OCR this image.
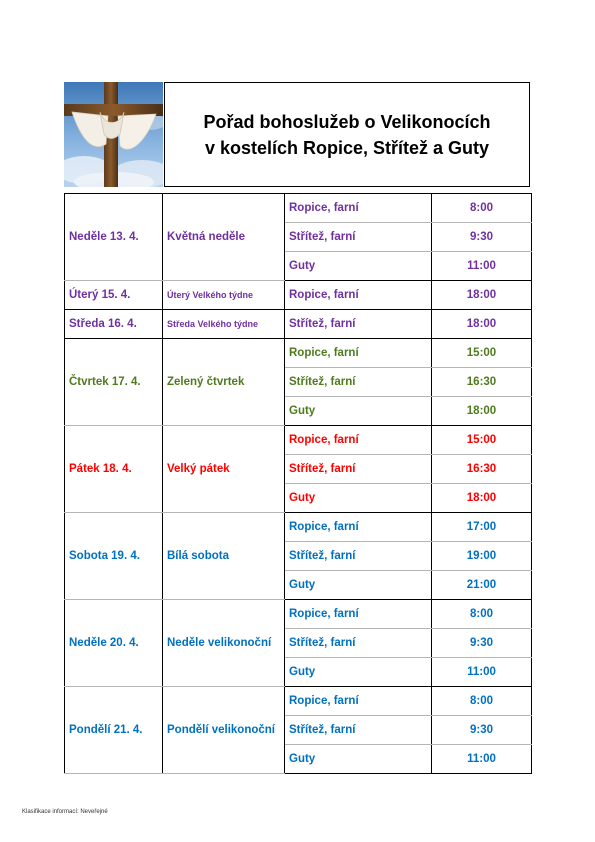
Pořad bohoslužeb o Velikonocích
v kostelích Ropice, Střítež a Guty
Neděle 13. 4.	Květná neděle	Ropice, farní	8:00
		Střítež, farní	9:30
		Guty	11:00
Úterý 15. 4.	Úterý Velkého týdne	Ropice, farní	18:00
Středa 16. 4.	Středa Velkého týdne	Střítež, farní	18:00
Čtvrtek 17. 4.	Zelený čtvrtek	Ropice, farní	15:00
		Střítež, farní	16:30
		Guty	18:00
Pátek 18. 4.	Velký pátek	Ropice, farní	15:00
		Střítež, farní	16:30
		Guty	18:00
Sobota 19. 4.	Bílá sobota	Ropice, farní	17:00
		Střítež, farní	19:00
		Guty	21:00
Neděle 20. 4.	Neděle velikonoční	Ropice, farní	8:00
		Střítež, farní	9:30
		Guty	11:00
Pondělí 21. 4.	Pondělí velikonoční	Ropice, farní	8:00
		Střítež, farní	9:30
		Guty	11:00
Klasifikace informací: Neveřejné
